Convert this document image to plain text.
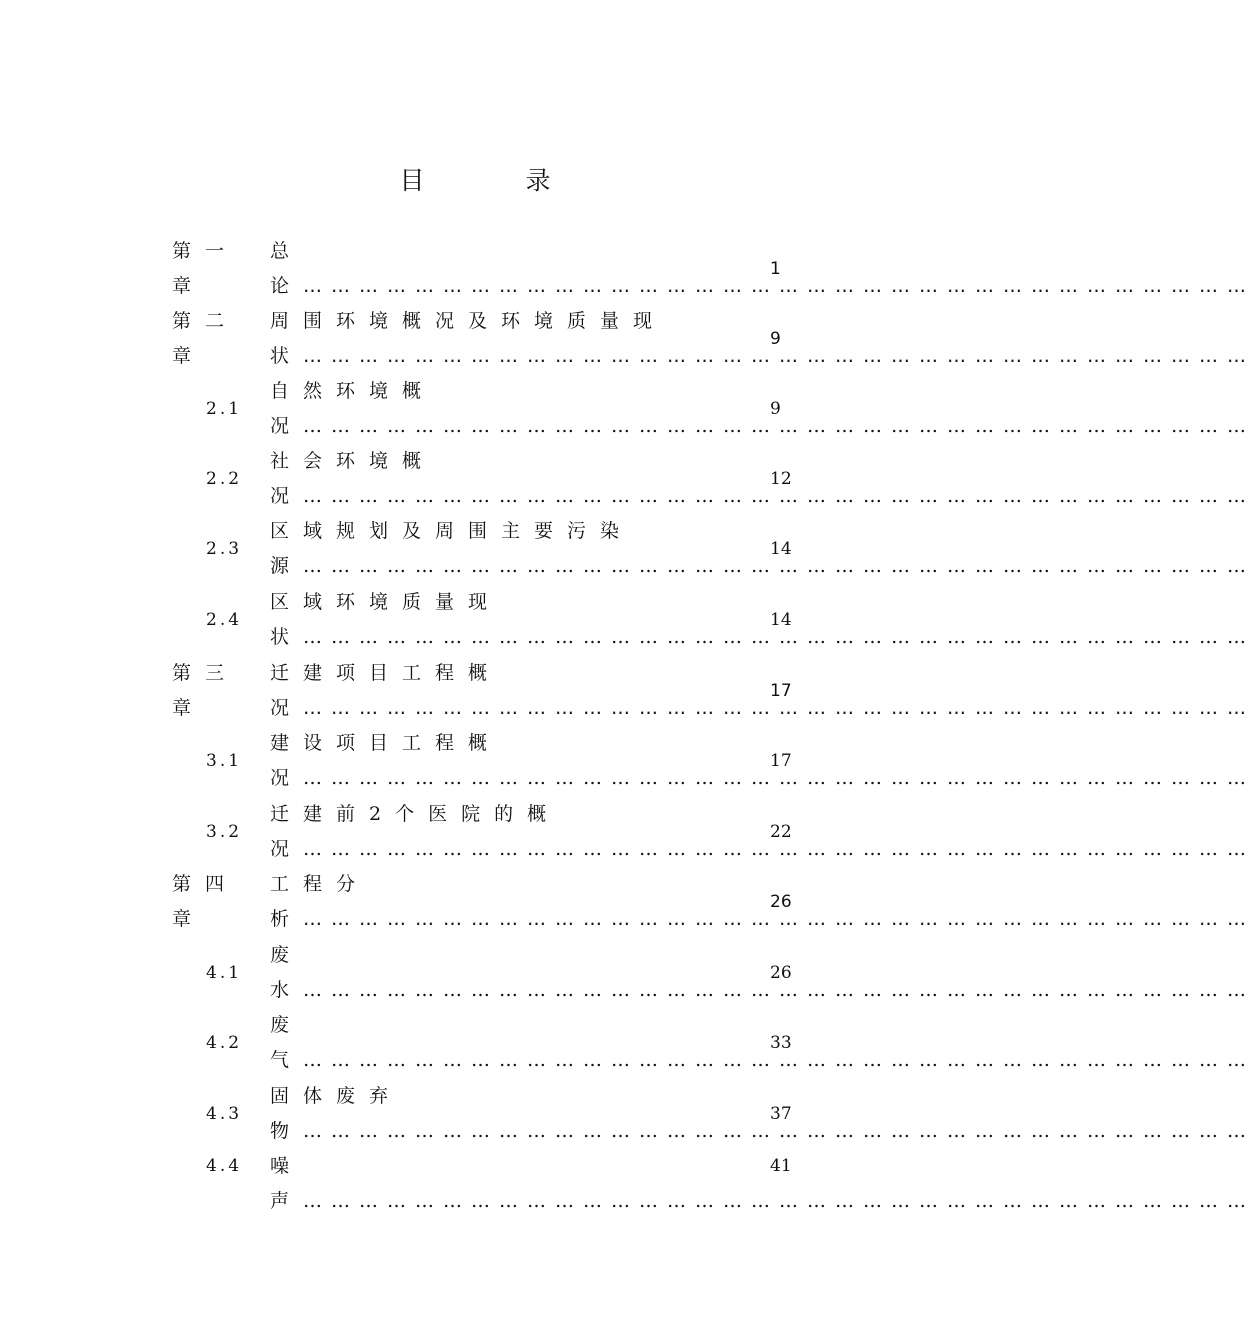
目　录
第一章
总　论…………………………………………………………………………………………
1
第二章
周围环境概况及环境质量现状…………………………………………………………………………………………
9
2.1
自然环境概况…………………………………………………………………………………………
9
2.2
社会环境概况…………………………………………………………………………………………
12
2.3
区域规划及周围主要污染源…………………………………………………………………………………………
14
2.4
区域环境质量现状…………………………………………………………………………………………
14
第三章
迁建项目工程概况…………………………………………………………………………………………
17
3.1
建设项目工程概况…………………………………………………………………………………………
17
3.2
迁建前2个医院的概况…………………………………………………………………………………………
22
第四章
工程分析…………………………………………………………………………………………
26
4.1
废水…………………………………………………………………………………………
26
4.2
废气…………………………………………………………………………………………
33
4.3
固体废弃物…………………………………………………………………………………………
37
4.4	噪声…………………………………………………………………………………………
41
